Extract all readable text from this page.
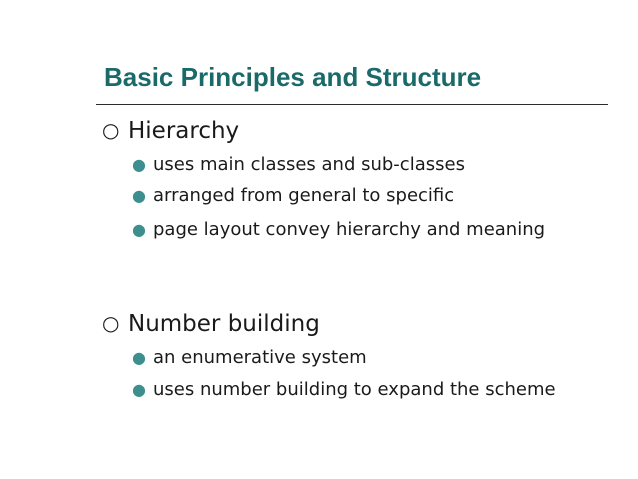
Basic Principles and Structure
○ Hierarchy
● uses main classes and sub-classes
● arranged from general to specific
● page layout convey hierarchy and meaning
○ Number building
● an enumerative system
● uses number building to expand the scheme
